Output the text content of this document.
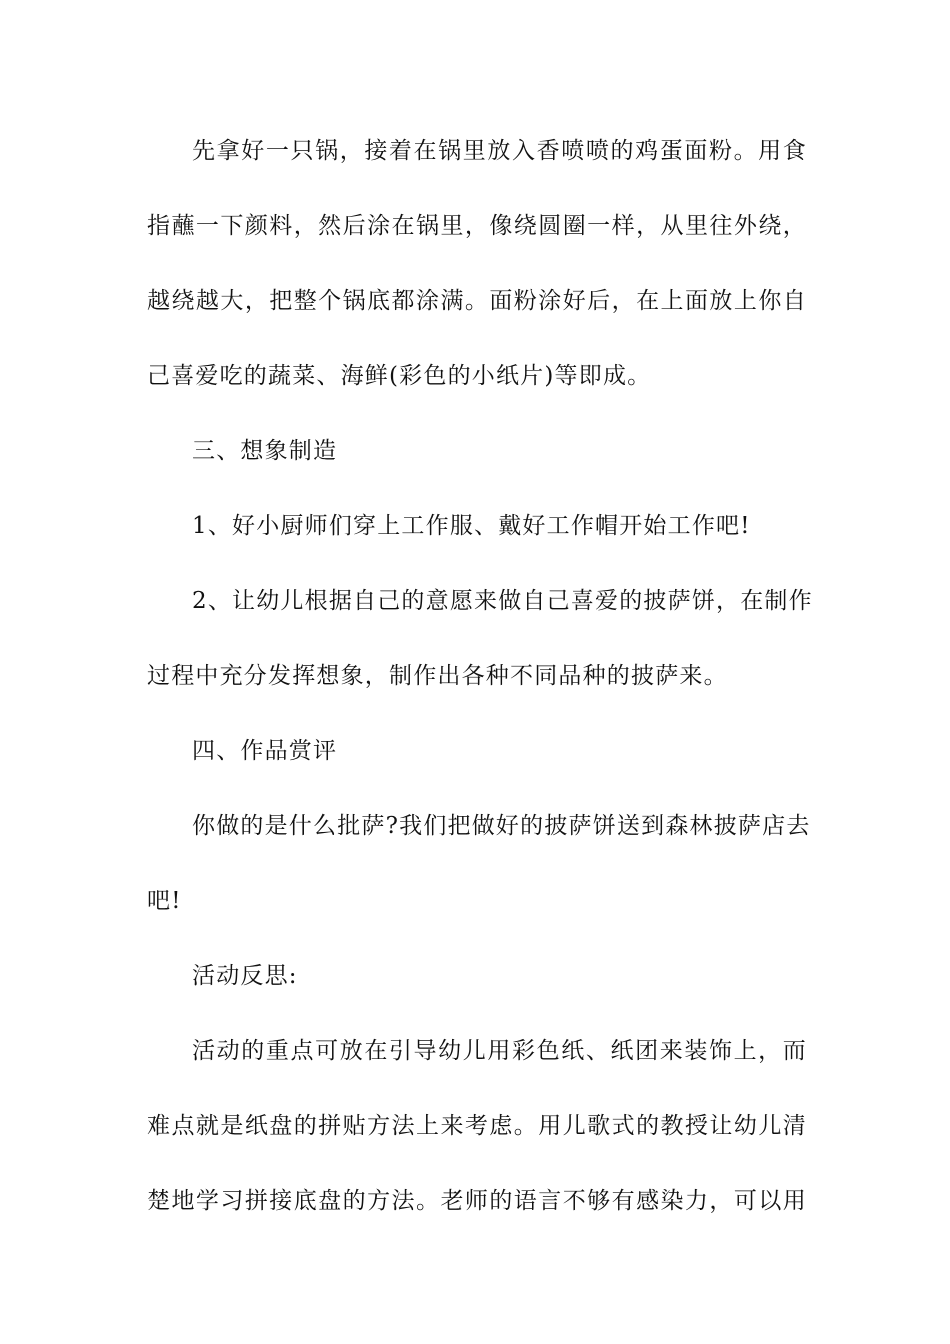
先拿好一只锅，接着在锅里放入香喷喷的鸡蛋面粉。用食
指蘸一下颜料，然后涂在锅里，像绕圆圈一样，从里往外绕，
越绕越大，把整个锅底都涂满。面粉涂好后，在上面放上你自
己喜爱吃的蔬菜、海鲜(彩色的小纸片)等即成。
三、想象制造
1、好小厨师们穿上工作服、戴好工作帽开始工作吧!
2、让幼儿根据自己的意愿来做自己喜爱的披萨饼，在制作
过程中充分发挥想象，制作出各种不同品种的披萨来。
四、作品赏评
你做的是什么批萨?我们把做好的披萨饼送到森林披萨店去
吧!
活动反思:
活动的重点可放在引导幼儿用彩色纸、纸团来装饰上，而
难点就是纸盘的拼贴方法上来考虑。用儿歌式的教授让幼儿清
楚地学习拼接底盘的方法。老师的语言不够有感染力，可以用
